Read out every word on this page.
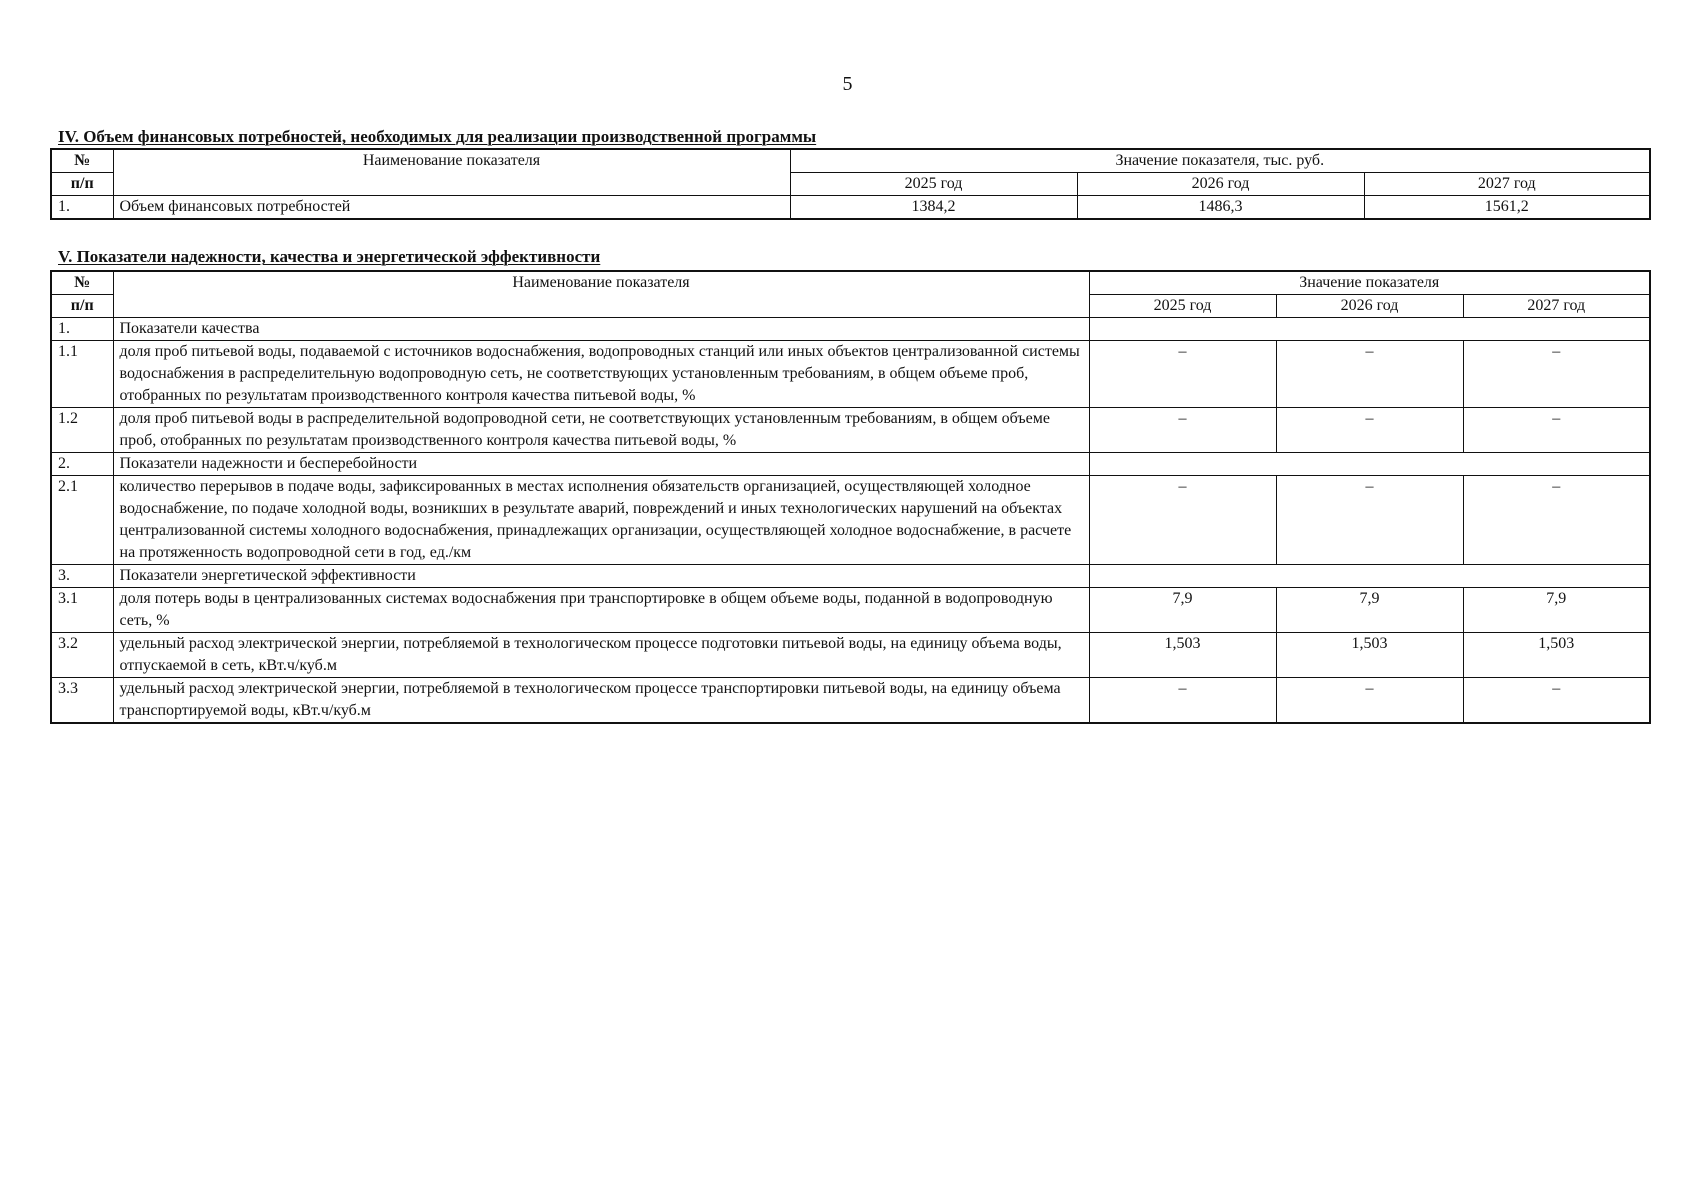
5
IV. Объем финансовых потребностей, необходимых для реализации производственной программы
№	Наименование показателя	Значение показателя, тыс. руб.		
п/п		2025 год	2026 год	2027 год
1.	Объем финансовых потребностей	1384,2	1486,3	1561,2
V. Показатели надежности, качества и энергетической эффективности
№	Наименование показателя	Значение показателя		
п/п		2025 год	2026 год	2027 год
1.	Показатели качества			
1.1	доля проб питьевой воды, подаваемой с источников водоснабжения, водопроводных станций или иных объектов централизованной системы водоснабжения в распределительную водопроводную сеть, не соответствующих установленным требованиям, в общем объеме проб, отобранных по результатам производственного контроля качества питьевой воды, %	–	–	–
1.2	доля проб питьевой воды в распределительной водопроводной сети, не соответствующих установленным требованиям, в общем объеме проб, отобранных по результатам производственного контроля качества питьевой воды, %	–	–	–
2.	Показатели надежности и бесперебойности			
2.1	количество перерывов в подаче воды, зафиксированных в местах исполнения обязательств организацией, осуществляющей холодное водоснабжение, по подаче холодной воды, возникших в результате аварий, повреждений и иных технологических нарушений на объектах централизованной системы холодного водоснабжения, принадлежащих организации, осуществляющей холодное водоснабжение, в расчете на протяженность водопроводной сети в год, ед./км	–	–	–
3.	Показатели энергетической эффективности			
3.1	доля потерь воды в централизованных системах водоснабжения при транспортировке в общем объеме воды, поданной в водопроводную сеть, %	7,9	7,9	7,9
3.2	удельный расход электрической энергии, потребляемой в технологическом процессе подготовки питьевой воды, на единицу объема воды, отпускаемой в сеть, кВт.ч/куб.м	1,503	1,503	1,503
3.3	удельный расход электрической энергии, потребляемой в технологическом процессе транспортировки питьевой воды, на единицу объема транспортируемой воды, кВт.ч/куб.м	–	–	–
